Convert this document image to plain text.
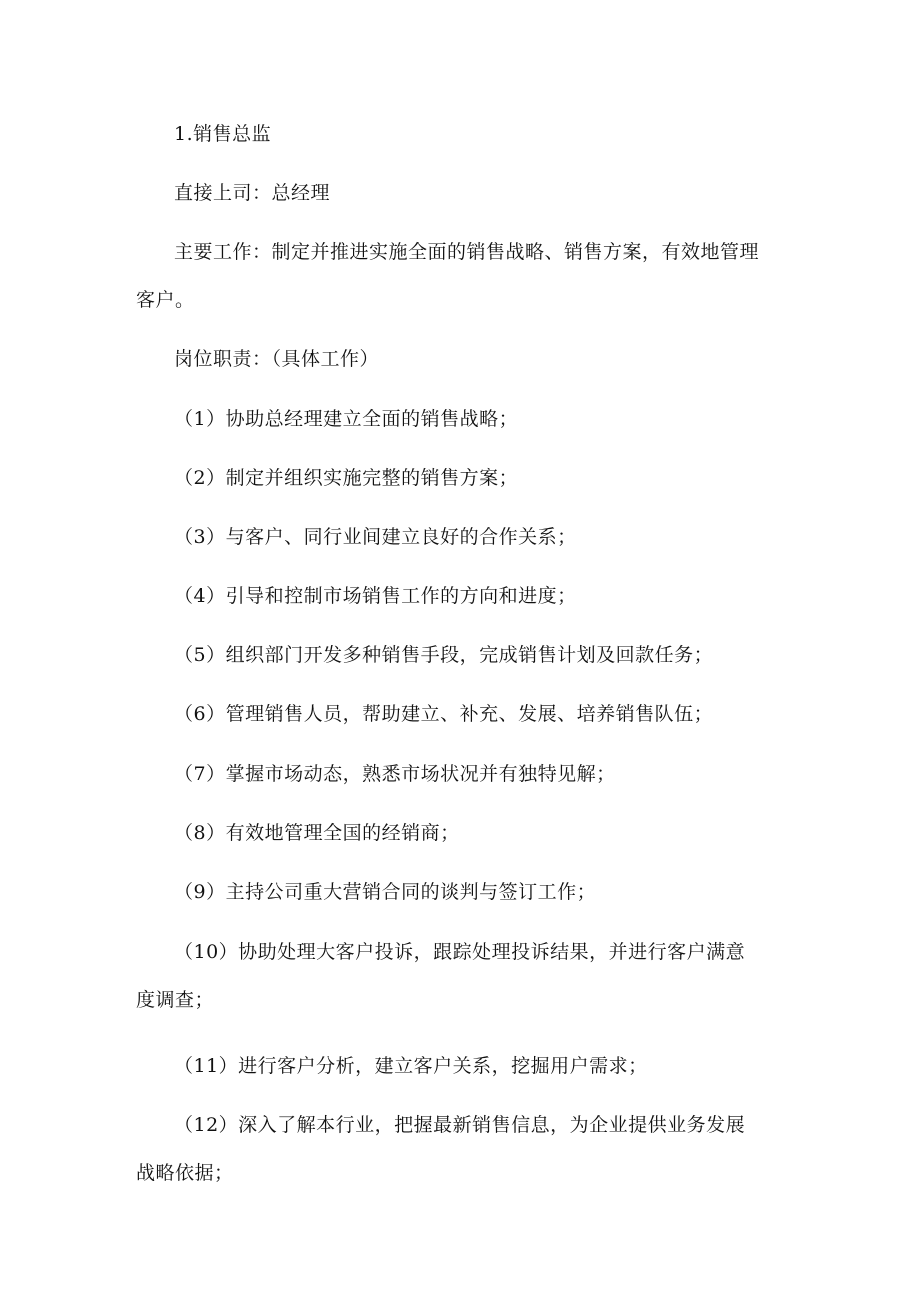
1.销售总监
直接上司：总经理
主要工作：制定并推进实施全面的销售战略、销售方案，有效地管理
客户。
岗位职责：（具体工作）
（1）协助总经理建立全面的销售战略；
（2）制定并组织实施完整的销售方案；
（3）与客户、同行业间建立良好的合作关系；
（4）引导和控制市场销售工作的方向和进度；
（5）组织部门开发多种销售手段，完成销售计划及回款任务；
（6）管理销售人员，帮助建立、补充、发展、培养销售队伍；
（7）掌握市场动态，熟悉市场状况并有独特见解；
（8）有效地管理全国的经销商；
（9）主持公司重大营销合同的谈判与签订工作；
（10）协助处理大客户投诉，跟踪处理投诉结果，并进行客户满意
度调查；
（11）进行客户分析，建立客户关系，挖掘用户需求；
（12）深入了解本行业，把握最新销售信息，为企业提供业务发展
战略依据；
